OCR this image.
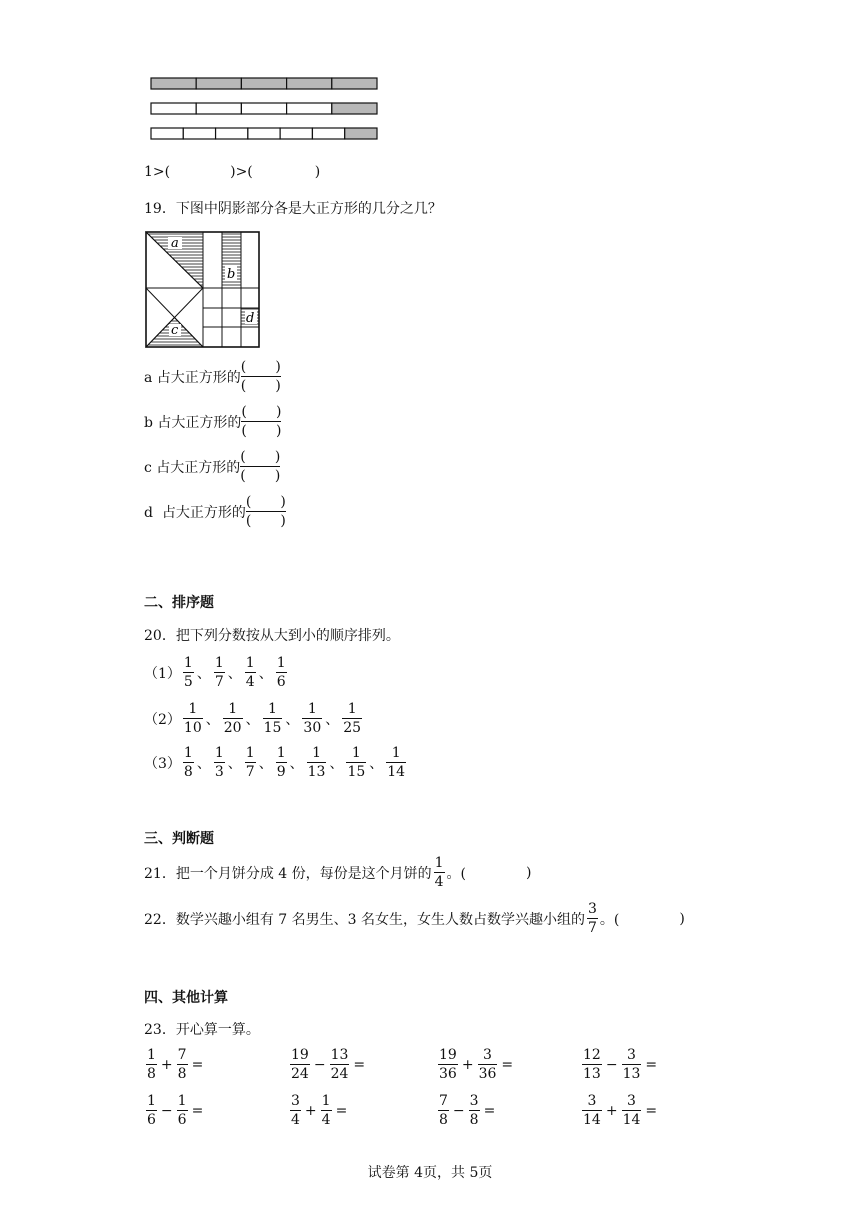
1>(	)>(	)
19．下图中阴影部分各是大正方形的几分之几？
a
b
c
d
a 占大正方形的
( )
( )
b 占大正方形的
( )
( )
c 占大正方形的
( )
( )
d  占大正方形的
( )
( )
二、排序题
20．把下列分数按从大到小的顺序排列。
$(1) \frac{1}{5}$ 、 $\frac{1}{7}$ 、 $\frac{1}{4}$ 、 $\frac{1}{6}$
$(2) \frac{1}{10}$ 、 $\frac{1}{20}$ 、 $\frac{1}{15}$ 、 $\frac{1}{30}$ 、 $\frac{1}{25}$
$(3) \frac{1}{8}$ 、 $\frac{1}{3}$ 、 $\frac{1}{7}$ 、 $\frac{1}{9}$ 、 $\frac{1}{13}$ 、 $\frac{1}{15}$ 、 $\frac{1}{14}$
三、判断题
21．把一个月饼分成 4 份，每份是这个月饼的 $\frac{1}{4}$ 。(	)
22．数学兴趣小组有 7 名男生、3 名女生，女生人数占数学兴趣小组的 $\frac{3}{7}$ 。(	)
四、其他计算
23．开心算一算。
$\frac{1}{8} + \frac{7}{8}$ =	$\frac{19}{24} - \frac{13}{24}$ =	$\frac{19}{36} + \frac{3}{36}$ =	$\frac{12}{13} - \frac{3}{13}$ =
$\frac{1}{6} - \frac{1}{6}$ =	$\frac{3}{4} + \frac{1}{4}$ =	$\frac{7}{8} - \frac{3}{8}$ =	$\frac{3}{14} + \frac{3}{14}$ =
试卷第 4页，共 5页
